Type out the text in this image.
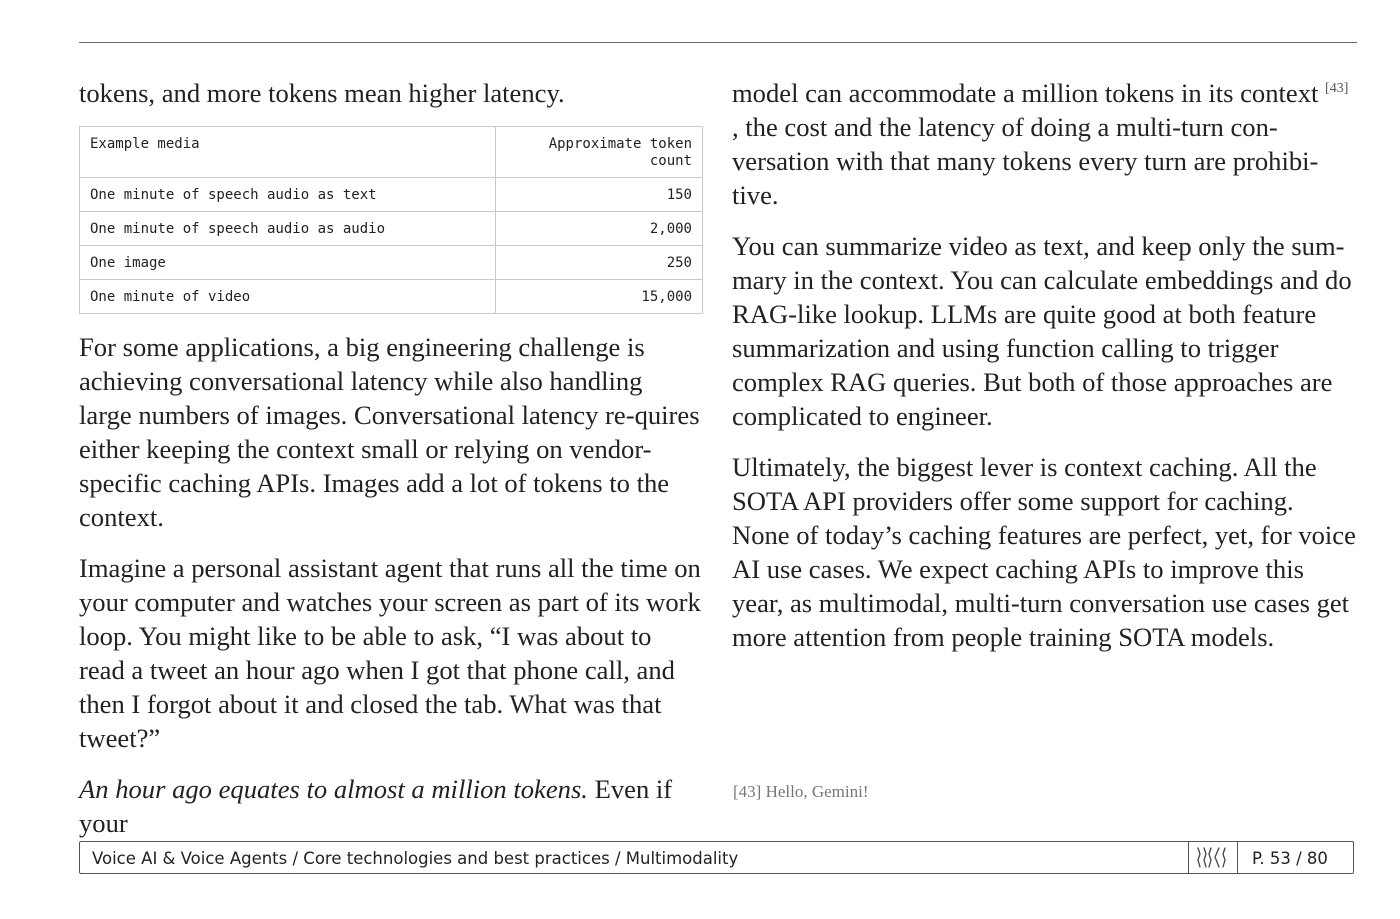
tokens, and more tokens mean higher latency.

Example media	Approximate token count
One minute of speech audio as text	150
One minute of speech audio as audio	2,000
One image	250
One minute of video	15,000

For some applications, a big engineering challenge is achieving conversational latency while also handling large numbers of images. Conversational latency re-quires either keeping the context small or relying on vendor-specific caching APIs. Images add a lot of tokens to the context.

Imagine a personal assistant agent that runs all the time on your computer and watches your screen as part of its work loop. You might like to be able to ask, “I was about to read a tweet an hour ago when I got that phone call, and then I forgot about it and closed the tab. What was that tweet?”

An hour ago equates to almost a million tokens. Even if your

model can accommodate a million tokens in its context [43] , the cost and the latency of doing a multi-turn con-versation with that many tokens every turn are prohibi-tive.

You can summarize video as text, and keep only the sum-mary in the context. You can calculate embeddings and do RAG-like lookup. LLMs are quite good at both feature summarization and using function calling to trigger complex RAG queries. But both of those approaches are complicated to engineer.

Ultimately, the biggest lever is context caching. All the SOTA API providers offer some support for caching. None of today’s caching features are perfect, yet, for voice AI use cases. We expect caching APIs to improve this year, as multimodal, multi-turn conversation use cases get more attention from people training SOTA models.

[43] Hello, Gemini!
Voice AI & Voice Agents / Core technologies and best practices / Multimodality	P. 53 / 80
